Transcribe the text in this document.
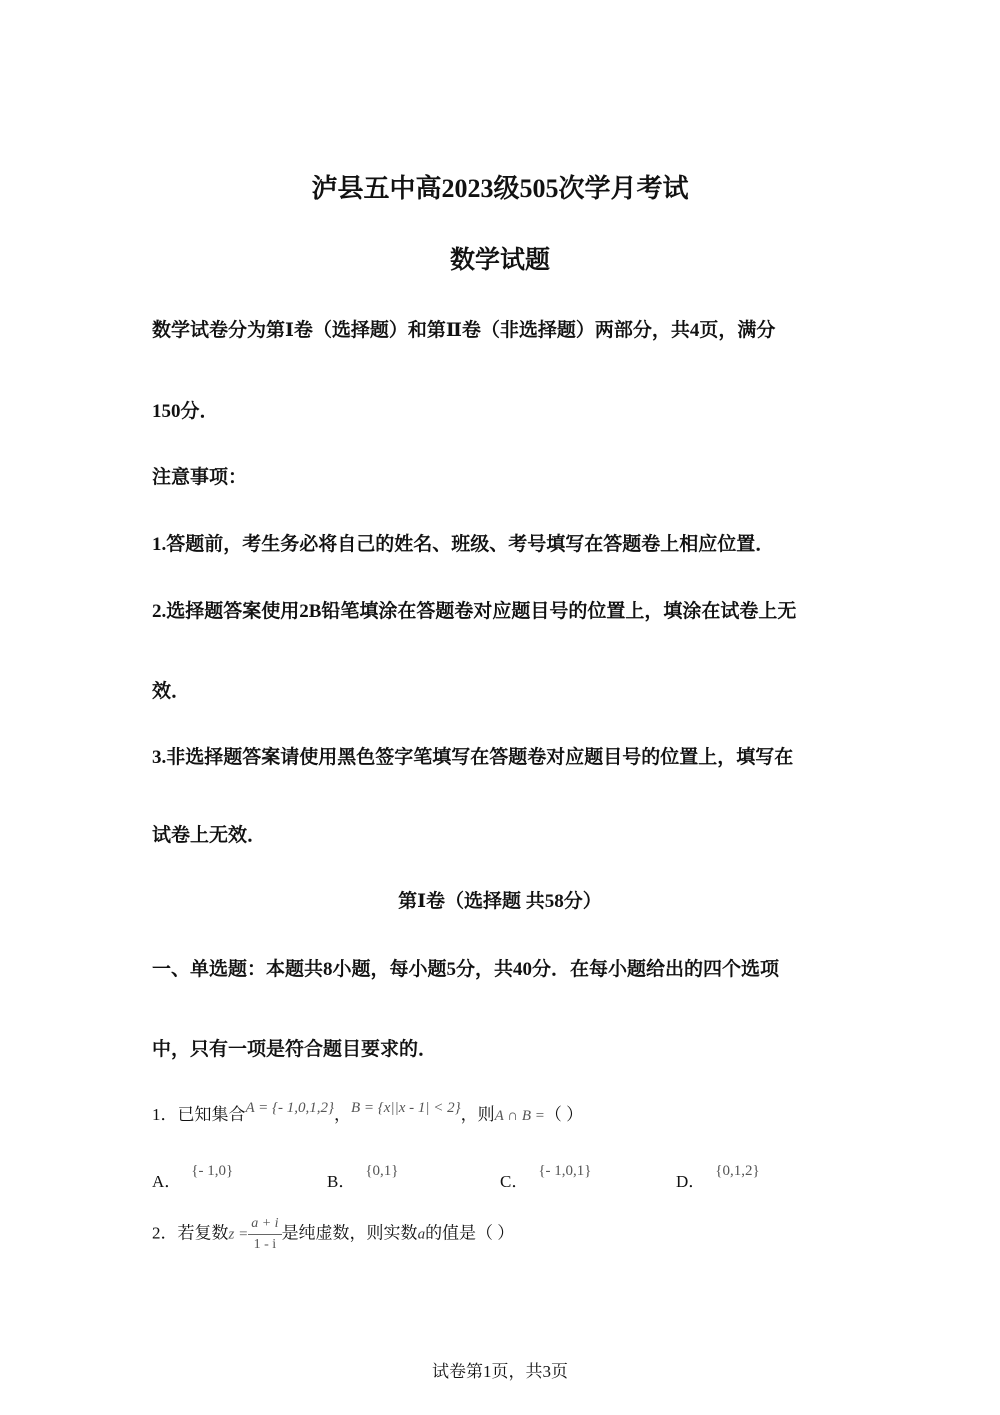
泸县五中高2023级505次学月考试
数学试题
数学试卷分为第Ⅰ卷（选择题）和第Ⅱ卷（非选择题）两部分，共4页，满分
150分．
注意事项：
1.答题前，考生务必将自己的姓名、班级、考号填写在答题卷上相应位置．
2.选择题答案使用2B铅笔填涂在答题卷对应题目号的位置上，填涂在试卷上无
效．
3.非选择题答案请使用黑色签字笔填写在答题卷对应题目号的位置上，填写在
试卷上无效．
第Ⅰ卷（选择题 共58分）
一、单选题：本题共8小题，每小题5分，共40分．在每小题给出的四个选项
中，只有一项是符合题目要求的．
1．已知集合A = {- 1,0,1,2}，B = {x||x - 1| < 2}，则A ∩ B =（ ）
A．{- 1,0}
B．{0,1}
C．{- 1,0,1}
D．{0,1,2}
2．若复数$z = \frac{a + i}{1 - i}$ 是纯虚数，则实数a的值是（ ）
试卷第1页，共3页
